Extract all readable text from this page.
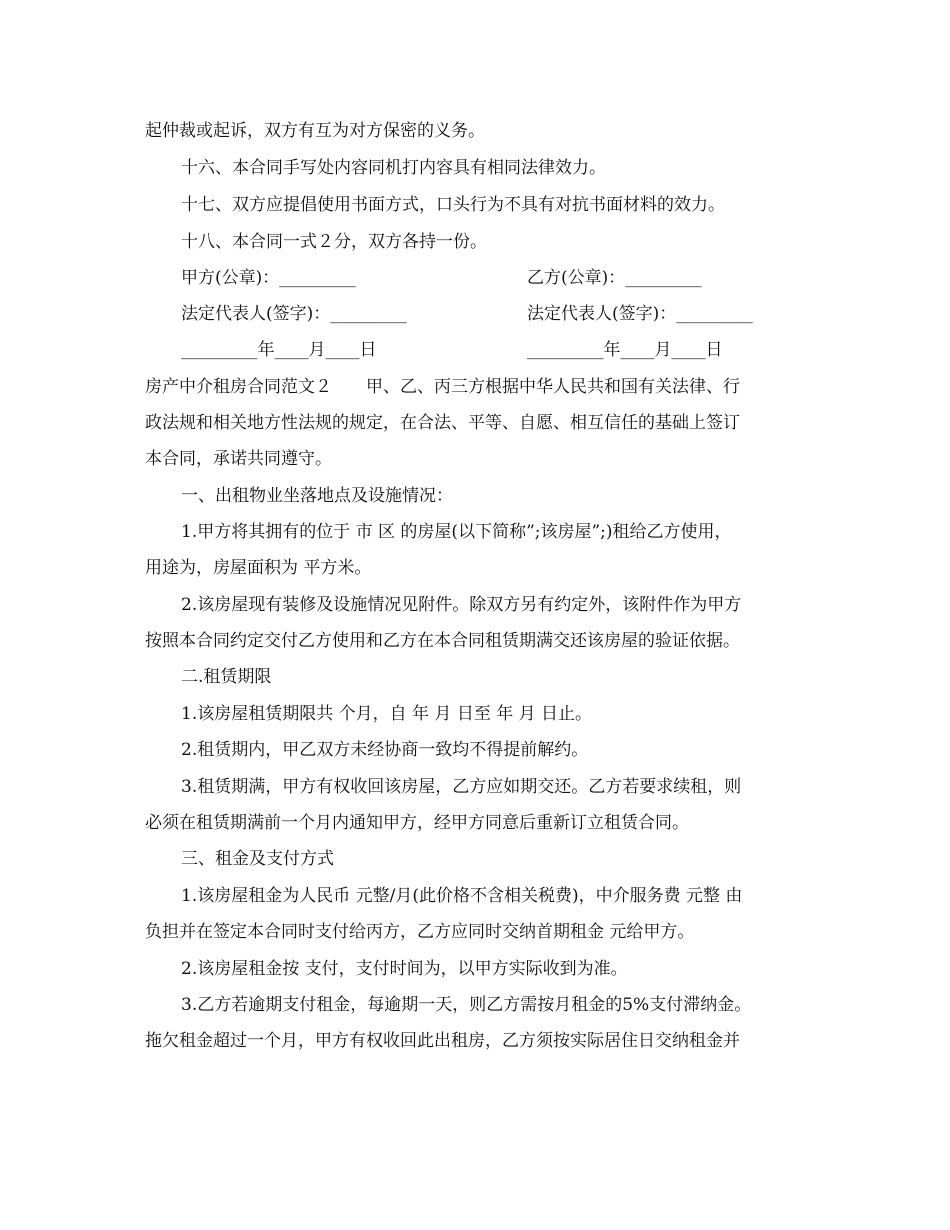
起仲裁或起诉，双方有互为对方保密的义务。
十六、本合同手写处内容同机打内容具有相同法律效力。
十七、双方应提倡使用书面方式，口头行为不具有对抗书面材料的效力。
十八、本合同一式２分，双方各持一份。
甲方(公章)：_________	乙方(公章)：_________
法定代表人(签字)：_________	法定代表人(签字)：_________
_________年____月____日	_________年____月____日
房产中介租房合同范文２　　甲、乙、丙三方根据中华人民共和国有关法律、行
政法规和相关地方性法规的规定，在合法、平等、自愿、相互信任的基础上签订
本合同，承诺共同遵守。
一、出租物业坐落地点及设施情况：
1.甲方将其拥有的位于 市 区 的房屋(以下简称”;该房屋”;)租给乙方使用，
用途为，房屋面积为 平方米。
2.该房屋现有装修及设施情况见附件。除双方另有约定外，该附件作为甲方
按照本合同约定交付乙方使用和乙方在本合同租赁期满交还该房屋的验证依据。
二.租赁期限
1.该房屋租赁期限共 个月，自 年 月 日至 年 月 日止。
2.租赁期内，甲乙双方未经协商一致均不得提前解约。
3.租赁期满，甲方有权收回该房屋，乙方应如期交还。乙方若要求续租，则
必须在租赁期满前一个月内通知甲方，经甲方同意后重新订立租赁合同。
三、租金及支付方式
1.该房屋租金为人民币 元整/月(此价格不含相关税费)，中介服务费 元整 由
负担并在签定本合同时支付给丙方，乙方应同时交纳首期租金 元给甲方。
2.该房屋租金按 支付，支付时间为，以甲方实际收到为准。
3.乙方若逾期支付租金，每逾期一天，则乙方需按月租金的5%支付滞纳金。
拖欠租金超过一个月，甲方有权收回此出租房，乙方须按实际居住日交纳租金并
